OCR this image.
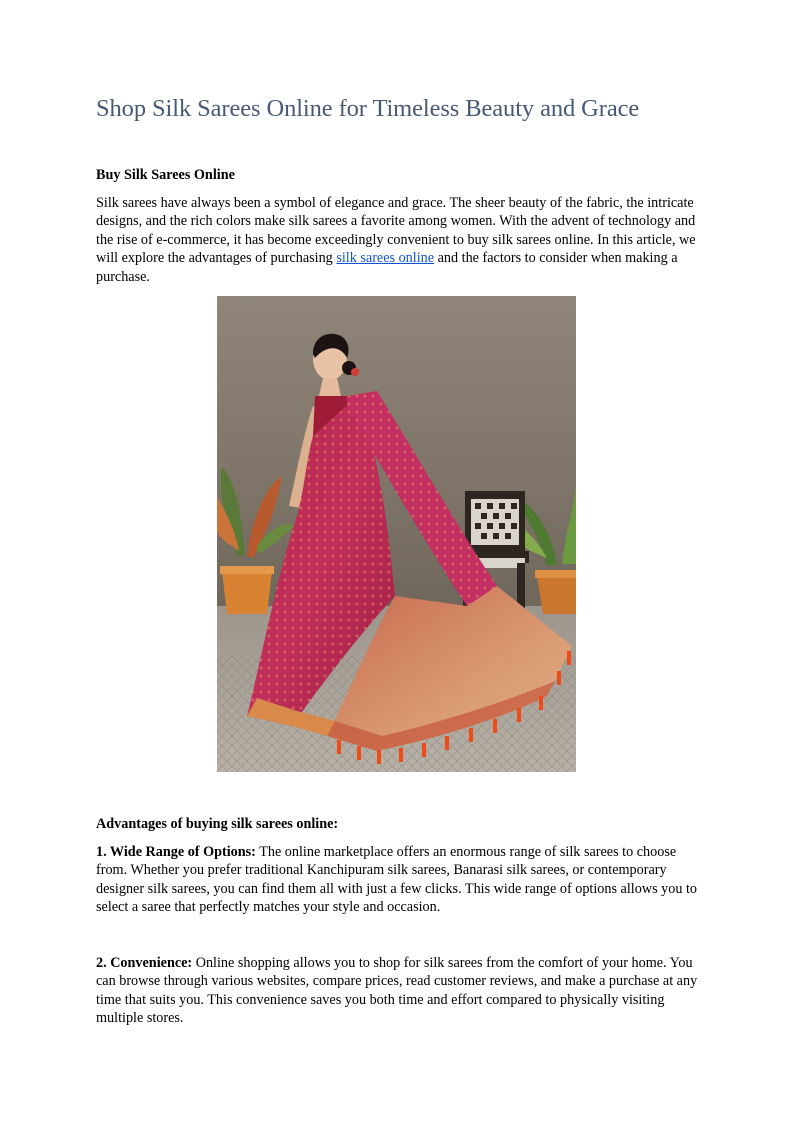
Shop Silk Sarees Online for Timeless Beauty and Grace
Buy Silk Sarees Online

Silk sarees have always been a symbol of elegance and grace. The sheer beauty of the fabric, the intricate designs, and the rich colors make silk sarees a favorite among women. With the advent of technology and the rise of e-commerce, it has become exceedingly convenient to buy silk sarees online. In this article, we will explore the advantages of purchasing silk sarees online and the factors to consider when making a purchase.

Advantages of buying silk sarees online:

1. Wide Range of Options: The online marketplace offers an enormous range of silk sarees to choose from. Whether you prefer traditional Kanchipuram silk sarees, Banarasi silk sarees, or contemporary designer silk sarees, you can find them all with just a few clicks. This wide range of options allows you to select a saree that perfectly matches your style and occasion.

2. Convenience: Online shopping allows you to shop for silk sarees from the comfort of your home. You can browse through various websites, compare prices, read customer reviews, and make a purchase at any time that suits you. This convenience saves you both time and effort compared to physically visiting multiple stores.
